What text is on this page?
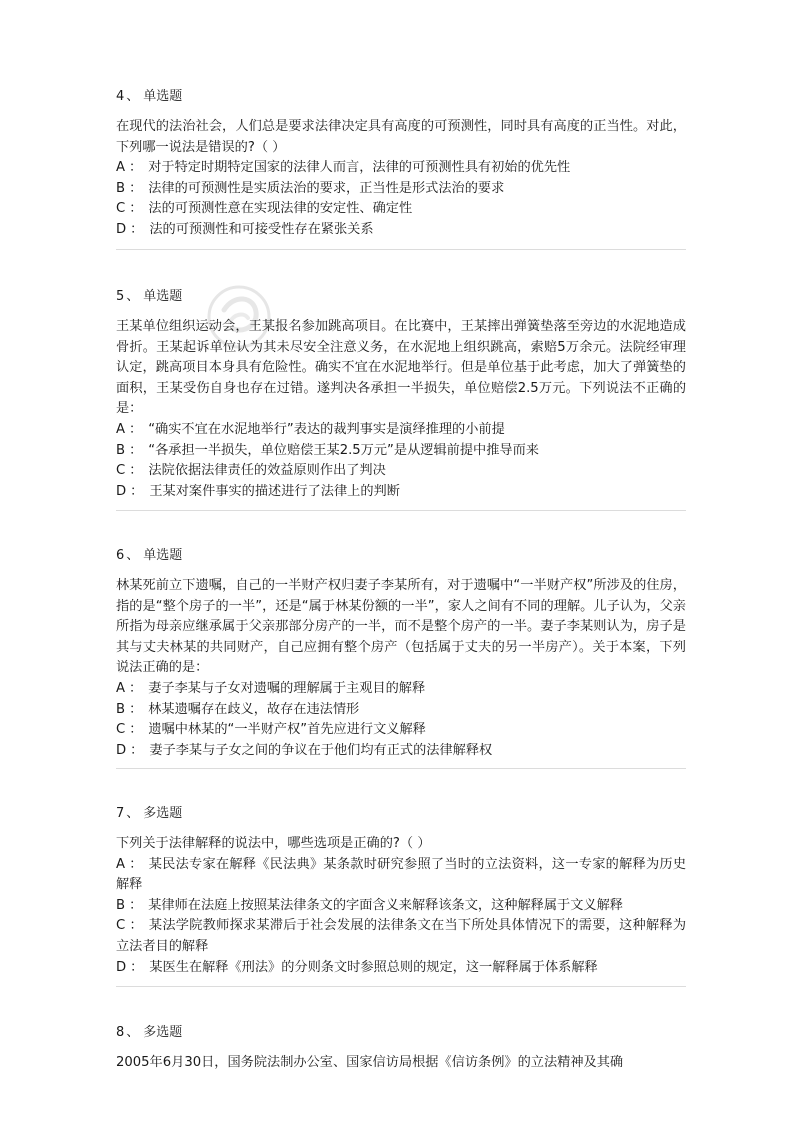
4 、 单选题

在现代的法治社会，人们总是要求法律决定具有高度的可预测性，同时具有高度的正当性。对此，下列哪一说法是错误的?（ ）

A ： 对于特定时期特定国家的法律人而言，法律的可预测性具有初始的优先性

B ： 法律的可预测性是实质法治的要求，正当性是形式法治的要求

C ： 法的可预测性意在实现法律的安定性、确定性

D ： 法的可预测性和可接受性存在紧张关系

5 、 单选题

王某单位组织运动会，王某报名参加跳高项目。在比赛中，王某摔出弹簧垫落至旁边的水泥地造成骨折。王某起诉单位认为其未尽安全注意义务，在水泥地上组织跳高，索赔5万余元。法院经审理认定，跳高项目本身具有危险性。确实不宜在水泥地举行。但是单位基于此考虑，加大了弹簧垫的面积，王某受伤自身也存在过错。遂判决各承担一半损失，单位赔偿2.5万元。下列说法不正确的是：

A ： “确实不宜在水泥地举行”表达的裁判事实是演绎推理的小前提

B ： “各承担一半损失，单位赔偿王某2.5万元”是从逻辑前提中推导而来

C ： 法院依据法律责任的效益原则作出了判决

D ： 王某对案件事实的描述进行了法律上的判断

6 、 单选题

林某死前立下遗嘱，自己的一半财产权归妻子李某所有，对于遗嘱中“一半财产权”所涉及的住房，指的是“整个房子的一半”，还是“属于林某份额的一半”，家人之间有不同的理解。儿子认为，父亲所指为母亲应继承属于父亲那部分房产的一半，而不是整个房产的一半。妻子李某则认为，房子是其与丈夫林某的共同财产，自己应拥有整个房产（包括属于丈夫的另一半房产）。关于本案，下列说法正确的是：

A ： 妻子李某与子女对遗嘱的理解属于主观目的解释

B ： 林某遗嘱存在歧义，故存在违法情形

C ： 遗嘱中林某的“一半财产权”首先应进行文义解释

D ： 妻子李某与子女之间的争议在于他们均有正式的法律解释权

7 、 多选题

下列关于法律解释的说法中，哪些选项是正确的?（ ）

A ： 某民法专家在解释《民法典》某条款时研究参照了当时的立法资料，这一专家的解释为历史解释

B ： 某律师在法庭上按照某法律条文的字面含义来解释该条文，这种解释属于文义解释

C ： 某法学院教师探求某滞后于社会发展的法律条文在当下所处具体情况下的需要，这种解释为立法者目的解释

D ： 某医生在解释《刑法》的分则条文时参照总则的规定，这一解释属于体系解释

8 、 多选题

2005年6月30日，国务院法制办公室、国家信访局根据《信访条例》的立法精神及其确
